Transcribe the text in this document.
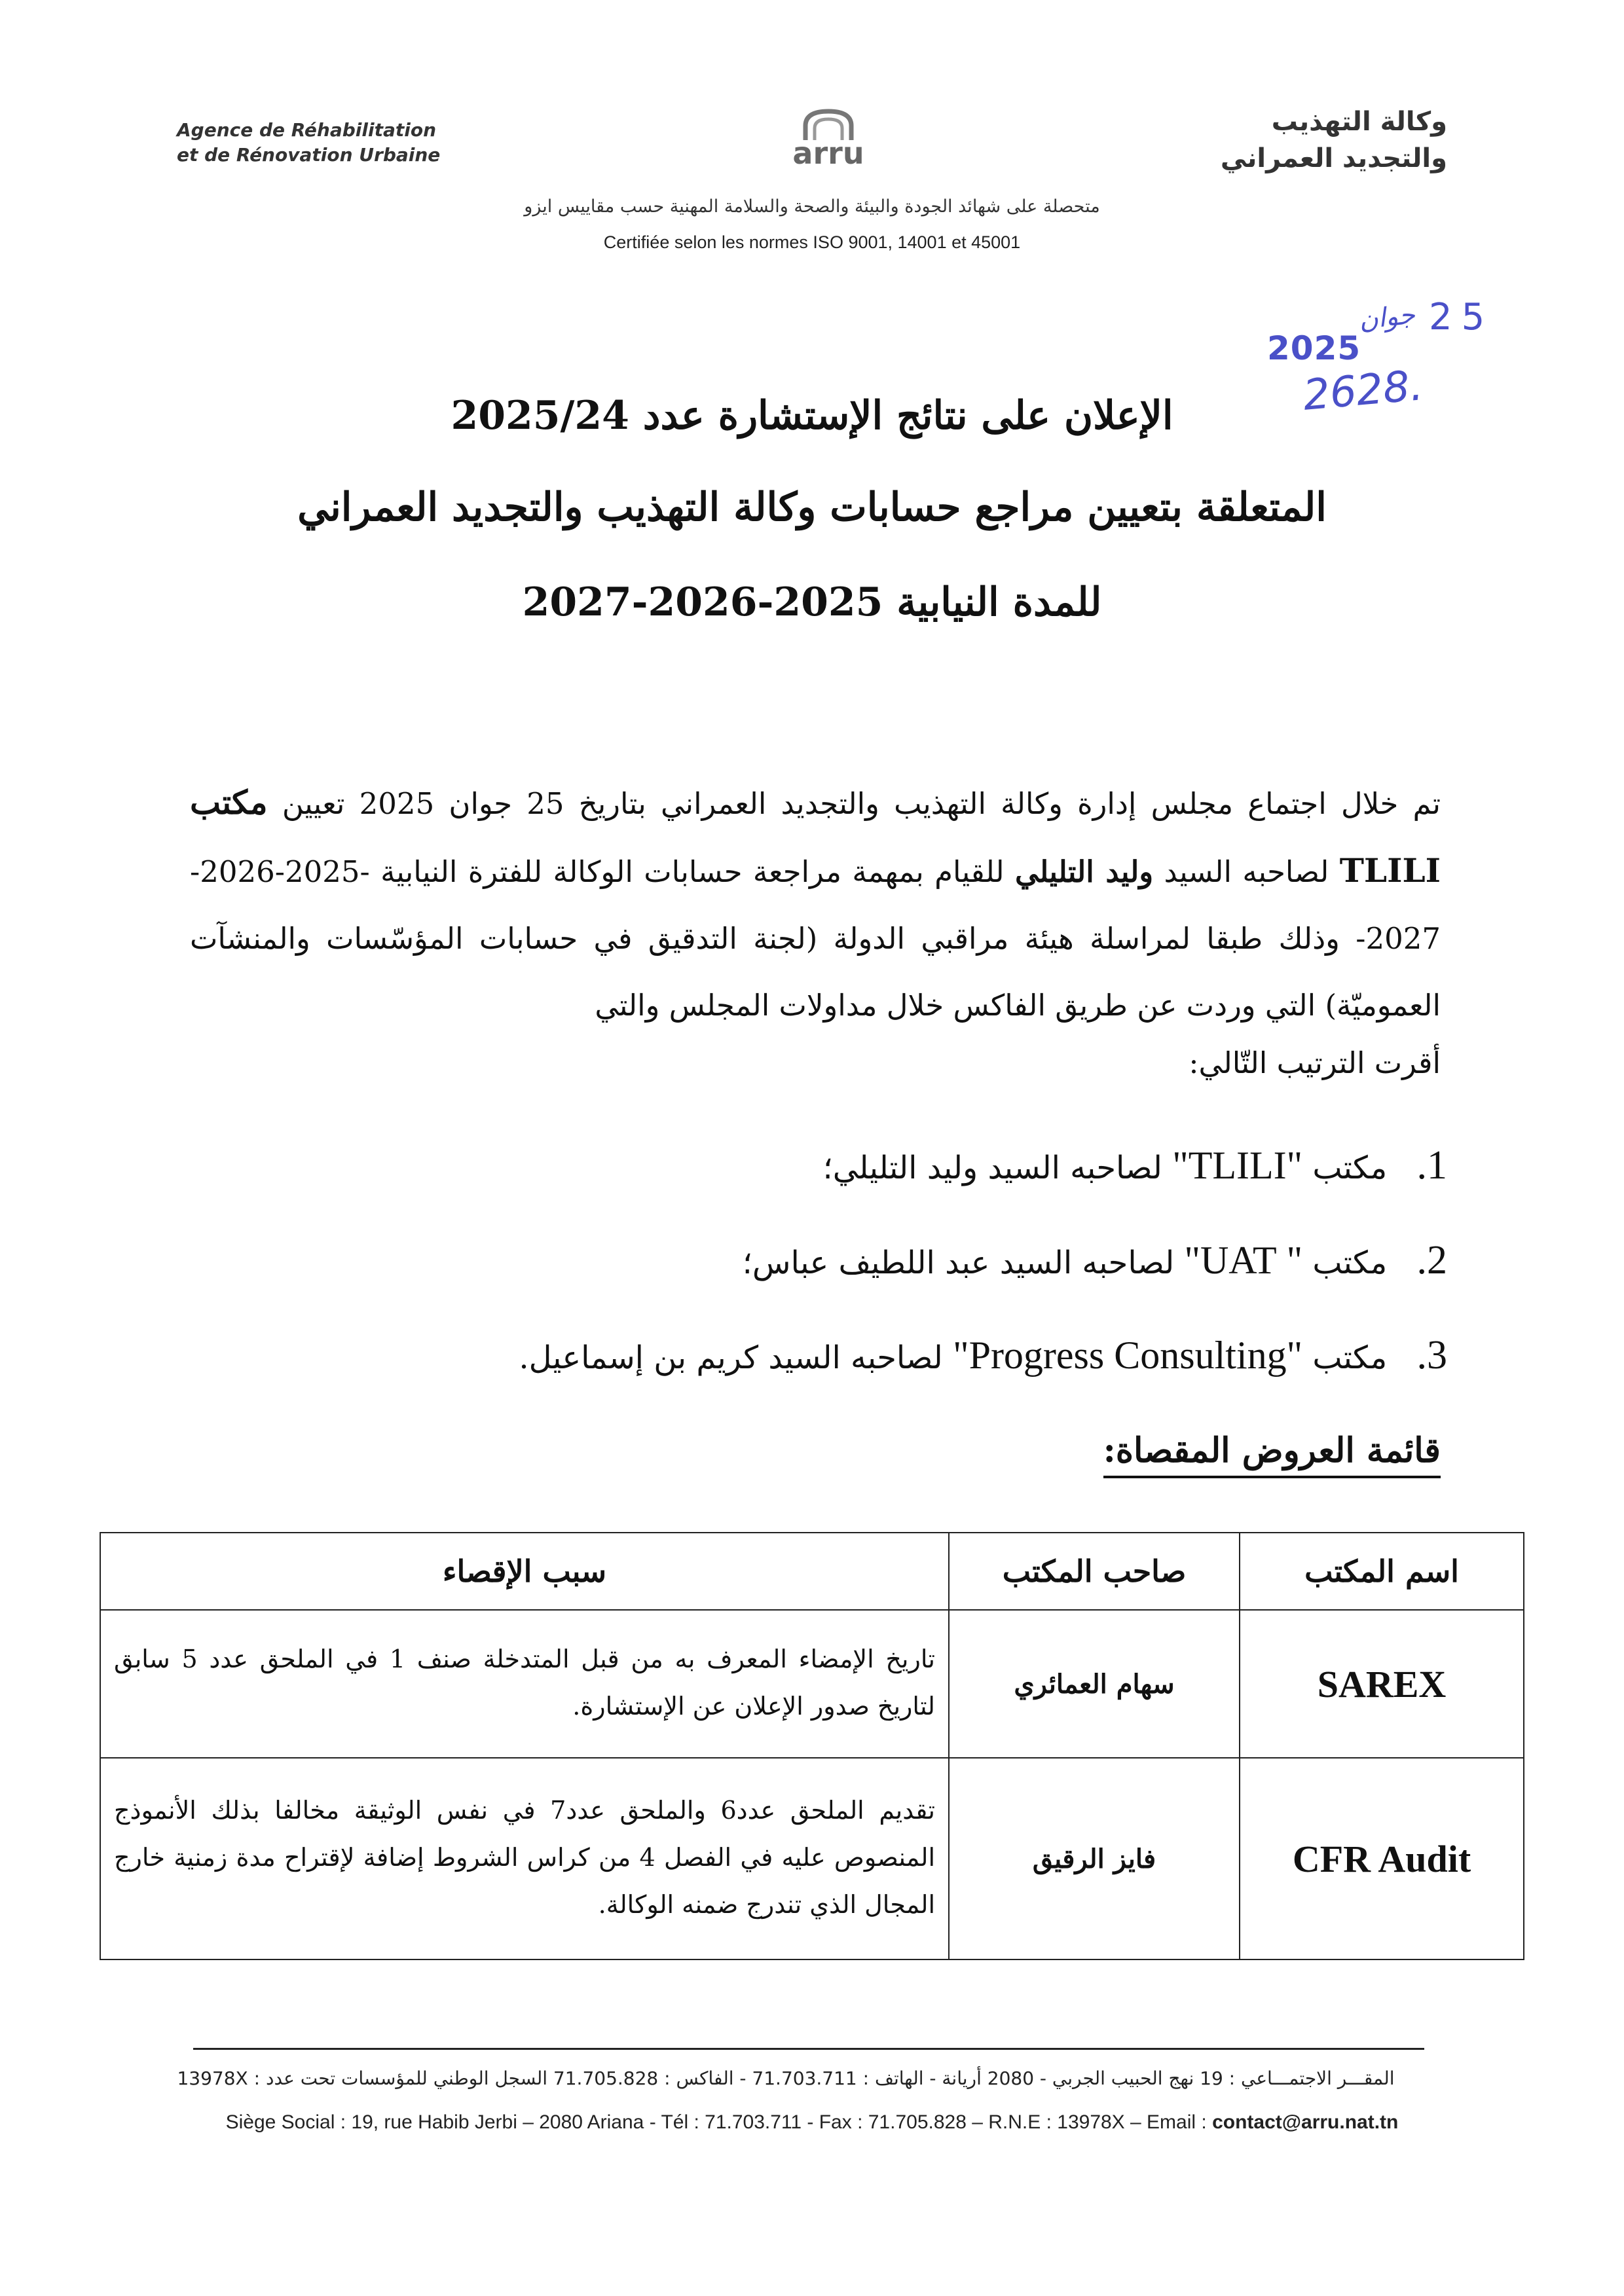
Agence de Réhabilitation
et de Rénovation Urbaine	arru
وكالة التهذيب
والتجديد العمراني
متحصلة على شهائد الجودة والبيئة والصحة والسلامة المهنية حسب مقاييس ايزو
Certifiée selon les normes ISO 9001, 14001 et 45001
2025
جوان 25
2628.
الإعلان على نتائج الإستشارة عدد 2025/24
المتعلقة بتعيين مراجع حسابات وكالة التهذيب والتجديد العمراني
للمدة النيابية 2025-2026-2027
تم خلال اجتماع مجلس إدارة وكالة التهذيب والتجديد العمراني بتاريخ 25 جوان 2025 تعيين مكتب TLILI لصاحبه السيد وليد التليلي للقيام بمهمة مراجعة حسابات الوكالة للفترة النيابية -2025-2026-2027- وذلك طبقا لمراسلة هيئة مراقبي الدولة (لجنة التدقيق في حسابات المؤسّسات والمنشآت العموميّة) التي وردت عن طريق الفاكس خلال مداولات المجلس والتي
أقرت الترتيب التّالي:
1. مكتب "TLILI" لصاحبه السيد وليد التليلي؛
2. مكتب " UAT" لصاحبه السيد عبد اللطيف عباس؛
3. مكتب "Progress Consulting" لصاحبه السيد كريم بن إسماعيل.
قائمة العروض المقصاة:
اسم المكتب	صاحب المكتب	سبب الإقصاء
SAREX	سهام العمائري	تاريخ الإمضاء المعرف به من قبل المتدخلة صنف 1 في الملحق عدد 5 سابق لتاريخ صدور الإعلان عن الإستشارة.
CFR Audit	فايز الرقيق	تقديم الملحق عدد6 والملحق عدد7 في نفس الوثيقة مخالفا بذلك الأنموذج المنصوص عليه في الفصل 4 من كراس الشروط إضافة لإقتراح مدة زمنية خارج المجال الذي تندرج ضمنه الوكالة.
المقـــر الاجتمـــاعي : 19 نهج الحبيب الجربي - 2080 أريانة - الهاتف : 71.703.711 - الفاكس : 71.705.828 السجل الوطني للمؤسسات تحت عدد : 13978X
Siège Social : 19, rue Habib Jerbi – 2080 Ariana - Tél : 71.703.711 - Fax : 71.705.828 – R.N.E : 13978X – Email : contact@arru.nat.tn
